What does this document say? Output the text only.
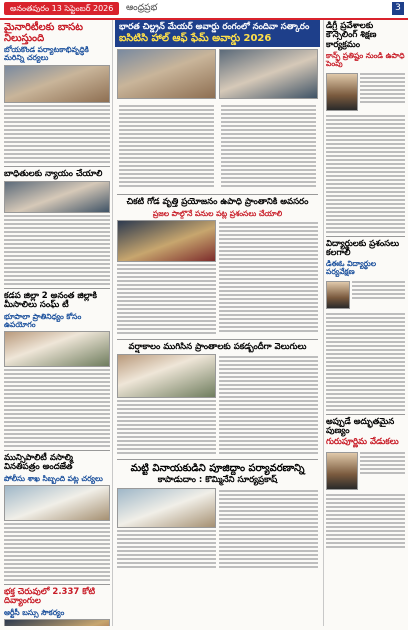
అనంతపురం 13 సెప్టెంబర్ 2026	ఆంధ్రప్రభ	3
మైనారిటీలకు బాసట నిలుస్తుంది
బోయకొండ పర్యాటకాభివృద్ధికి మరిన్ని చర్యలు
బాధితులకు న్యాయం చేయాలి
కడప జిల్లా 2 అనంత జిల్లాకి మీసాలిలు సంఘ్ టీ
భూపాలా ప్రాతినిధ్యం కోసం ఉపయోగం
మున్సిపాలిటీ వసాల్మి వినతిపత్రం అందజేత
పోలీసు శాఖ సిబ్బంది పట్ల చర్యలు
భక్త చెరువులో 2.337 కోటి దివ్యాంగుల
ఆర్టీసీ బస్సు సౌకర్యం
భారత చిల్డ్రన్ మేయర్ అవార్డు రంగంలో నందివా సత్కారం
ఐసిటిసి హాల్ ఆఫ్ ఫేమ్ అవార్డు 2026
చికటి గోడ వృత్తి ప్రయోజనం ఉపాధి ప్రాంతానికి అవసరం
ప్రజల పాల్గొనే పనుల పట్ల ప్రశంసలు చేయాలి
వర్షాకాలం ముగిసిన ప్రాంతాలకు పకడ్బందీగా వెలుగులు
మట్టి వినాయకుడిని పూజిద్దాం పర్యావరణాన్ని
కాపాడుదాం : కొమ్మినేని సూర్యప్రకాష్
డిగ్రీ ప్రవేశాలకు కౌన్సెలింగ్ శిక్షణ కార్యక్రమం
కాన్ఫ్ ప్రతిష్టం నుండి ఉపాధి పెంపు
విద్యార్థులకు ప్రశంసలు కలగాలి
డిఈఓ విద్యార్థుల పర్యవేక్షణ
అప్పుడే అద్భుతమైన పుణ్యం
గురుపూర్ణిమ వేడుకలు
